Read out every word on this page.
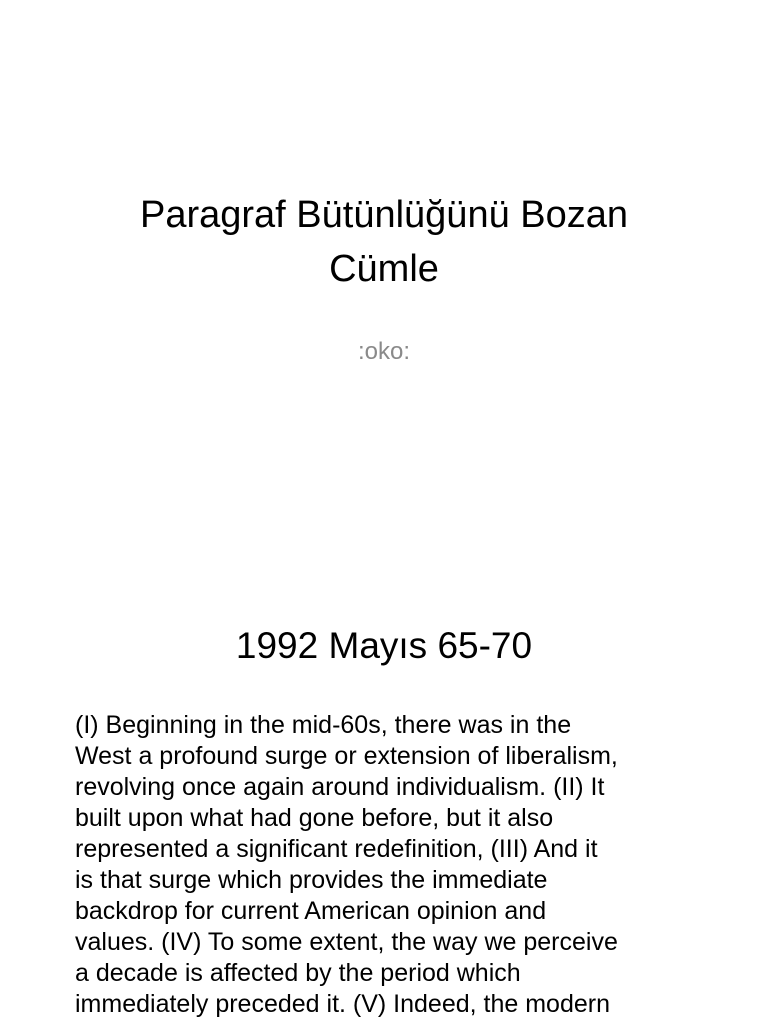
Paragraf Bütünlüğünü Bozan
Cümle

:oko:

1992 Mayıs 65-70

(I) Beginning in the mid-60s, there was in the
West a profound surge or extension of liberalism,
revolving once again around individualism. (II) It
built upon what had gone before, but it also
represented a significant redefinition, (III) And it
is that surge which provides the immediate
backdrop for current American opinion and
values. (IV) To some extent, the way we perceive
a decade is affected by the period which
immediately preceded it. (V) Indeed, the modern
